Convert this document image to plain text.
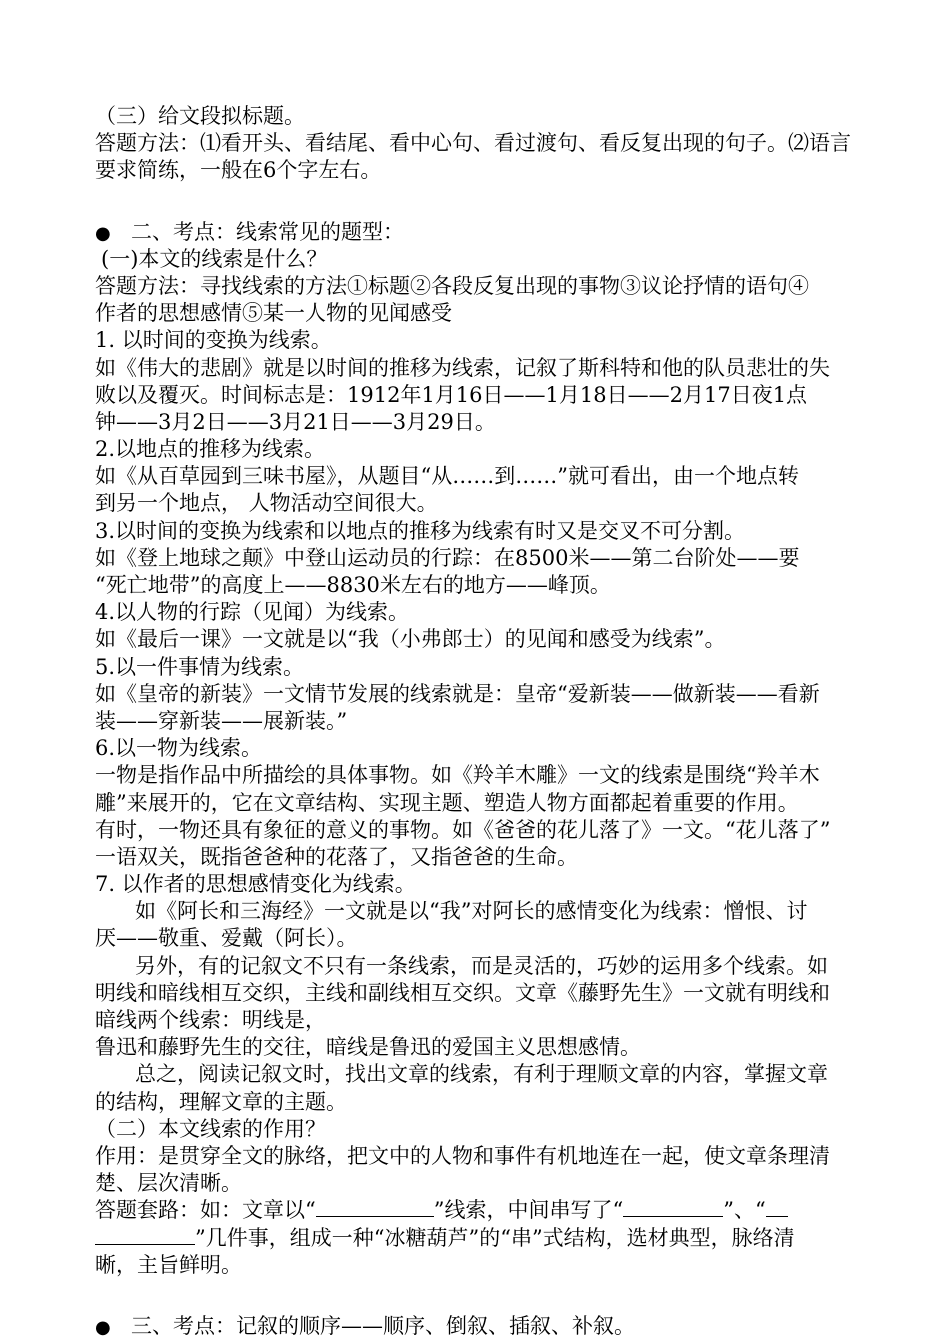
（三）给文段拟标题。
答题方法：⑴看开头、看结尾、看中心句、看过渡句、看反复出现的句子。⑵语言
要求简练，一般在6个字左右。
● 二、考点：线索常见的题型：
(一)本文的线索是什么？
答题方法：寻找线索的方法①标题②各段反复出现的事物③议论抒情的语句④
作者的思想感情⑤某一人物的见闻感受
1. 以时间的变换为线索。
如《伟大的悲剧》就是以时间的推移为线索，记叙了斯科特和他的队员悲壮的失
败以及覆灭。时间标志是：1912年1月16日——1月18日——2月17日夜1点
钟——3月2日——3月21日——3月29日。
2.以地点的推移为线索。
如《从百草园到三味书屋》，从题目“从……到……”就可看出，由一个地点转
到另一个地点， 人物活动空间很大。
3.以时间的变换为线索和以地点的推移为线索有时又是交叉不可分割。
如《登上地球之颠》中登山运动员的行踪：在8500米——第二台阶处——要
“死亡地带”的高度上——8830米左右的地方——峰顶。
4.以人物的行踪（见闻）为线索。
如《最后一课》一文就是以“我（小弗郎士）的见闻和感受为线索”。
5.以一件事情为线索。
如《皇帝的新装》一文情节发展的线索就是：皇帝“爱新装——做新装——看新
装——穿新装——展新装。”
6.以一物为线索。
一物是指作品中所描绘的具体事物。如《羚羊木雕》一文的线索是围绕“羚羊木
雕”来展开的，它在文章结构、实现主题、塑造人物方面都起着重要的作用。
有时，一物还具有象征的意义的事物。如《爸爸的花儿落了》一文。“花儿落了”
一语双关，既指爸爸种的花落了，又指爸爸的生命。
7. 以作者的思想感情变化为线索。
如《阿长和三海经》一文就是以“我”对阿长的感情变化为线索：憎恨、讨
厌——敬重、爱戴（阿长）。
另外，有的记叙文不只有一条线索，而是灵活的，巧妙的运用多个线索。如
明线和暗线相互交织，主线和副线相互交织。文章《藤野先生》一文就有明线和
暗线两个线索：明线是，
鲁迅和藤野先生的交往，暗线是鲁迅的爱国主义思想感情。
总之，阅读记叙文时，找出文章的线索，有利于理顺文章的内容，掌握文章
的结构，理解文章的主题。
（二）本文线索的作用？
作用：是贯穿全文的脉络，把文中的人物和事件有机地连在一起，使文章条理清
楚、层次清晰。
答题套路：如：文章以“	”线索，中间串写了“	”、“
”几件事，组成一种“冰糖葫芦”的“串”式结构，选材典型，脉络清
晰，主旨鲜明。
● 三、考点：记叙的顺序——顺序、倒叙、插叙、补叙。
